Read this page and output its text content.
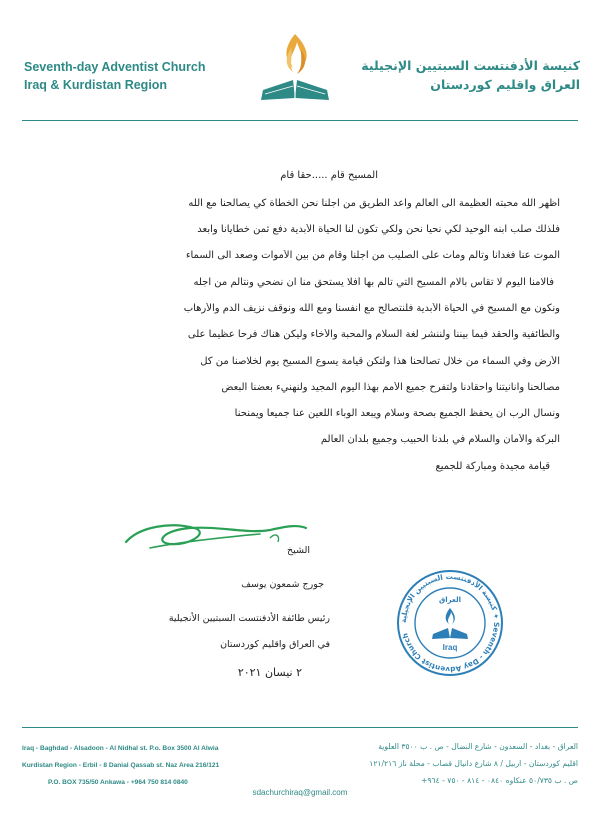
Seventh-day Adventist Church
Iraq & Kurdistan Region
كنيسة الأدفنتست السبتيين الإنجيلية
العراق واقليم كوردستان

المسيح قام .....حقا قام

أظهر الله محبته العظيمة الى العالم وأعد الطريق من اجلنا نحن الخطاة كي يصالحنا مع الله

فلذلك صلب ابنه الوحيد لكي نحيا نحن ولكي تكون لنا الحياة الأبدية دفع ثمن خطايانا وابعد

الموت عنا فغدانا وتألم ومات على الصليب من اجلنا وقام من بين الأموات وصعد الى السماء

فألامنا اليوم لا تقاس بالام المسيح التي تألم بها أفلا يستحق منا ان نضحي ونتألم من اجله

ونكون مع المسيح في الحياة الأبدية فلنتصالح مع انفسنا ومع الله ونوقف نزيف الدم والأرهاب

والطائفية والحقد فيما بيننا ولننشر لغة السلام والمحبة والأخاء وليكن هناك فرحا عظيما على

الأرض وفي السماء من خلال تصالحنا هذا ولتكن قيامة يسوع المسيح يوم لخلاصنا من كل

مصالحنا وانانيتنا واحقادنا ولتفرح جميع الأمم بهذا اليوم المجيد ولنهنيء بعضنا البعض

ونسأل الرب ان يحفظ الجميع بصحة وسلام ويبعد الوباء اللعين عنا جميعا ويمنحنا

البركة والأمان والسلام في بلدنا الحبيب وجميع بلدان العالم

قيامة مجيدة ومباركة للجميع

الشيخ
جورج شمعون يوسف
رئيس طائفة الأدفنتست السبتيين الأنجيلية
في العراق واقليم كوردستان
٢ نيسان ٢٠٢١
كنيسة الأدفنتست السبتيين الإنجيلية ✦ Seventh - Day Adventist Church
العراق
Iraq
Iraq - Baghdad - Alsadoon - Al Nidhal st. P.o. Box 3500 Al Alwia
Kurdistan Region - Erbil - 8 Danial Qassab st. Naz Area 216/121
P.O. BOX 735/50 Ankawa - +964 750 814 0840
العراق - بغداد - السعدون - شارع النضال - ص . ب ٣٥٠٠ العلوية
اقليم كوردستان - اربيل / ٨ شارع دانيال قصاب - محلة ناز ١٢١/٢١٦
ص . ب ٥٠/٧٣٥ عنكاوه ٠٨٤٠ - ٨١٤ - ٧٥٠ - ٩٦٤+
sdachurchiraq@gmail.com
